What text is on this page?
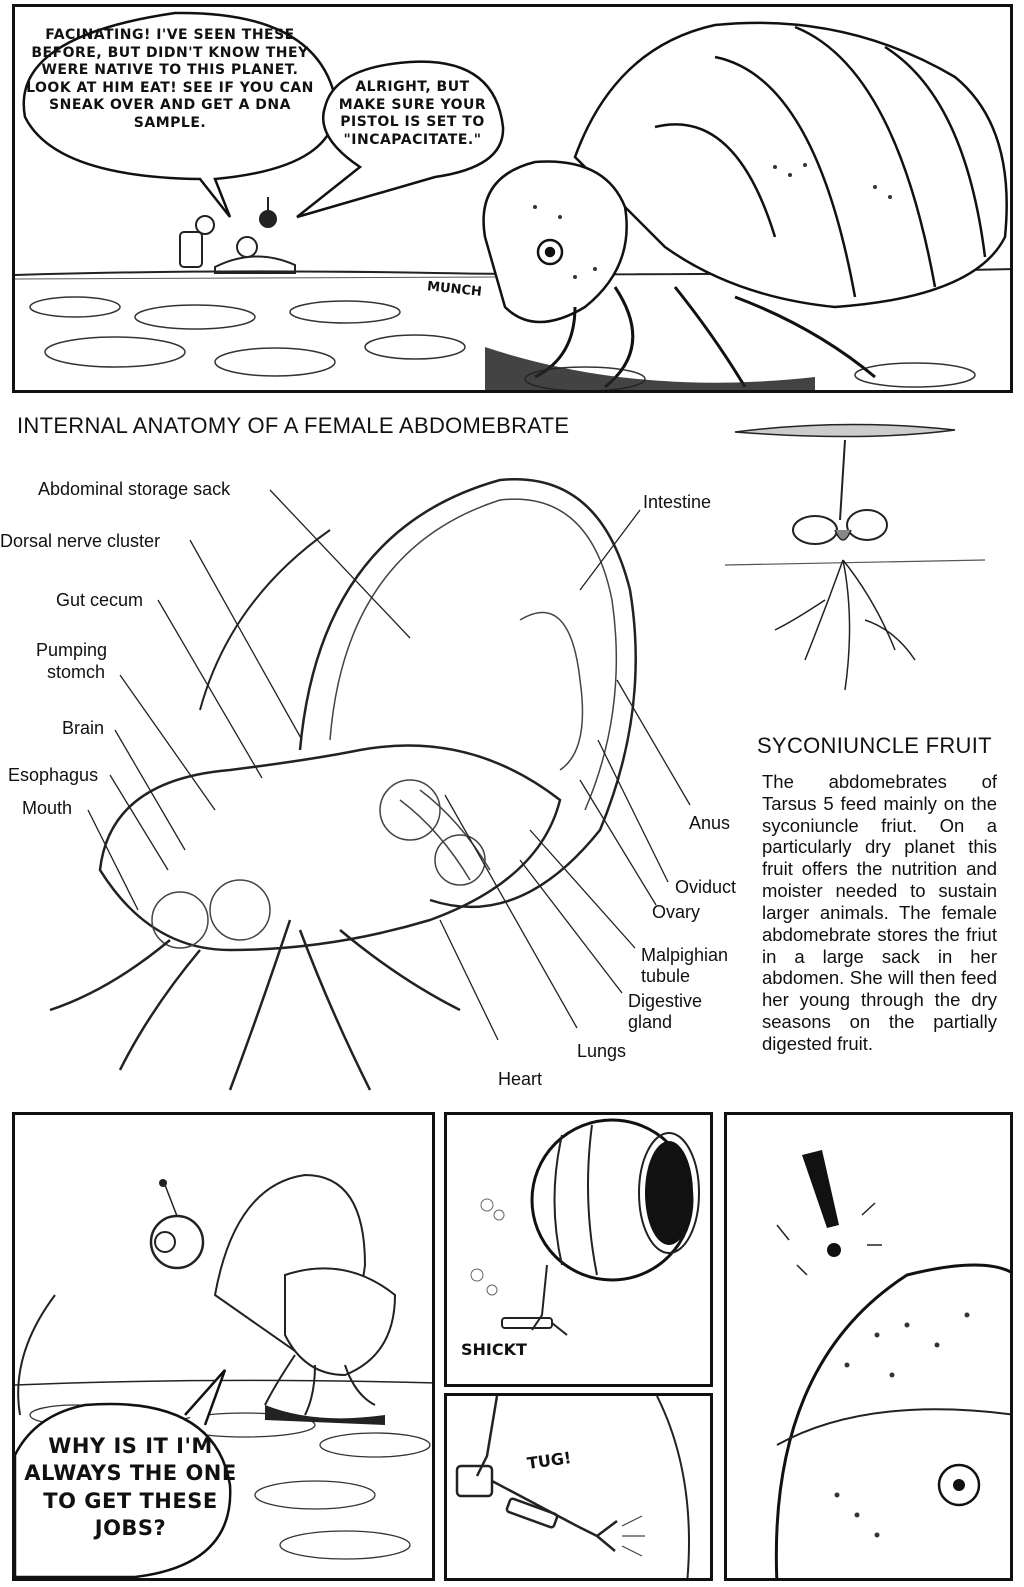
FACINATING! I'VE SEEN THESE BEFORE, BUT DIDN'T KNOW THEY WERE NATIVE TO THIS PLANET. LOOK AT HIM EAT! SEE IF YOU CAN SNEAK OVER AND GET A DNA SAMPLE.
ALRIGHT, BUT MAKE SURE YOUR PISTOL IS SET TO "INCAPACITATE."
MUNCH
INTERNAL ANATOMY OF A FEMALE ABDOMEBRATE
Abdominal storage sack
Dorsal nerve cluster
Gut cecum
Pumping
stomch
Brain
Esophagus
Mouth
Intestine
Anus
Oviduct
Ovary
Malpighian
tubule
Digestive
gland
Lungs
Heart
SYCONIUNCLE FRUIT
The abdomebrates of Tarsus 5 feed mainly on the syconiuncle friut. On a particularly dry planet this fruit offers the nutrition and moister needed to sustain larger animals. The female abdomebrate stores the friut in a large sack in her abdomen. She will then feed her young through the dry seasons on the partially digested fruit.
WHY IS IT I'M ALWAYS THE ONE TO GET THESE JOBS?
SHICKT
TUG!
